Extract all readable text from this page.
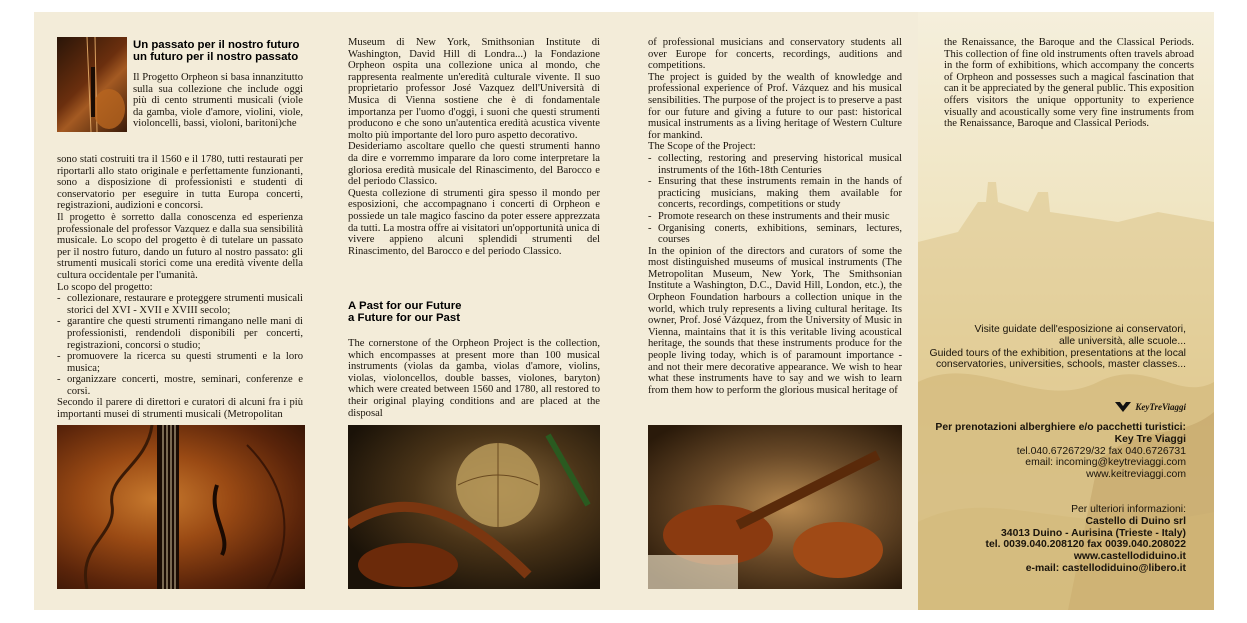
Un passato per il nostro futuro
un futuro per il nostro passato
Il Progetto Orpheon si basa innanzitutto sulla sua collezione che include oggi più di cento strumenti musicali (viole da gamba, viole d'amore, violini, viole, violoncelli, bassi, violoni, baritoni)che
sono stati costruiti tra il 1560 e il 1780, tutti restaurati per riportarli allo stato originale e perfettamente funzionanti, sono a disposizione di professionisti e studenti di conservatorio per eseguire in tutta Europa concerti, registrazioni, audizioni e concorsi.
Il progetto è sorretto dalla conoscenza ed esperienza professionale del professor Vazquez e dalla sua sensibilità musicale. Lo scopo del progetto è di tutelare un passato per il nostro futuro, dando un futuro al nostro passato: gli strumenti musicali storici come una eredità vivente della cultura occidentale per l'umanità.
Lo scopo del progetto:
- collezionare, restaurare e proteggere strumenti musicali storici del XVI - XVII e XVIII secolo;
- garantire che questi strumenti rimangano nelle mani di professionisti, rendendoli disponibili per concerti, registrazioni, concorsi o studio;
- promuovere la ricerca su questi strumenti e la loro musica;
- organizzare concerti, mostre, seminari, conferenze e corsi.
Secondo il parere di direttori e curatori di alcuni fra i più importanti musei di strumenti musicali (Metropolitan
Museum di New York, Smithsonian Institute di Washington, David Hill di Londra...) la Fondazione Orpheon ospita una collezione unica al mondo, che rappresenta realmente un'eredità culturale vivente. Il suo proprietario professor José Vazquez dell'Università di Musica di Vienna sostiene che è di fondamentale importanza per l'uomo d'oggi, i suoni che questi strumenti producono e che sono un'autentica eredità acustica vivente molto più importante del loro puro aspetto decorativo.
Desideriamo ascoltare quello che questi strumenti hanno da dire e vorremmo imparare da loro come interpretare la gloriosa eredità musicale del Rinascimento, del Barocco e del periodo Classico.
Questa collezione di strumenti gira spesso il mondo per esposizioni, che accompagnano i concerti di Orpheon e possiede un tale magico fascino da poter essere apprezzata da tutti. La mostra offre ai visitatori un'opportunità unica di vivere appieno alcuni splendidi strumenti del Rinascimento, del Barocco e del periodo Classico.
A Past for our Future
a Future for our Past
The cornerstone of the Orpheon Project is the collection, which encompasses at present more than 100 musical instruments (violas da gamba, violas d'amore, violins, violas, violoncellos, double basses, violones, baryton) which were created between 1560 and 1780, all restored to their original playing conditions and are placed at the disposal
of professional musicians and conservatory students all over Europe for concerts, recordings, auditions and competitions.
The project is guided by the wealth of knowledge and professional experience of Prof. Vázquez and his musical sensibilities. The purpose of the project is to preserve a past for our future and giving a future to our past: historical musical instruments as a living heritage of Western Culture for mankind.
The Scope of the Project:
- collecting, restoring and preserving historical musical instruments of the 16th-18th Centuries
- Ensuring that these instruments remain in the hands of practicing musicians, making them available for concerts, recordings, competitions or study
- Promote research on these instruments and their music
- Organising conerts, exhibitions, seminars, lectures, courses
In the opinion of the directors and curators of some the most distinguished museums of musical instruments (The Metropolitan Museum, New York, The Smithsonian Institute a Washington, D.C., David Hill, London, etc.), the Orpheon Foundation harbours a collection unique in the world, which truly represents a living cultural heritage. Its owner, Prof. José Vázquez, from the University of Music in Vienna, maintains that it is this veritable living acoustical heritage, the sounds that these instruments produce for the people living today, which is of paramount importance - and not their mere decorative appearance. We wish to hear what these instruments have to say and we wish to learn from them how to perform the glorious musical heritage of
the Renaissance, the Baroque and the Classical Periods. This collection of fine old instruments often travels abroad in the form of exhibitions, which accompany the concerts of Orpheon and possesses such a magical fascination that can it be appreciated by the general public. This exposition offers visitors the unique opportunity to experience visually and acoustically some very fine instruments from the Renaissance, Baroque and Classical Periods.
Visite guidate dell'esposizione ai conservatori,
alle università, alle scuole...
Guided tours of the exhibition, presentations at the local
conservatories, universities, schools, master classes...
KeyTreViaggi
Per prenotazioni alberghiere e/o pacchetti turistici:
Key Tre Viaggi
tel.040.6726729/32 fax 040.6726731
email: incoming@keytreviaggi.com
www.keitreviaggi.com
Per ulteriori informazioni:
Castello di Duino srl
34013 Duino - Aurisina (Trieste - Italy)
tel. 0039.040.208120 fax 0039.040.208022
www.castellodiduino.it
e-mail: castellodiduino@libero.it
